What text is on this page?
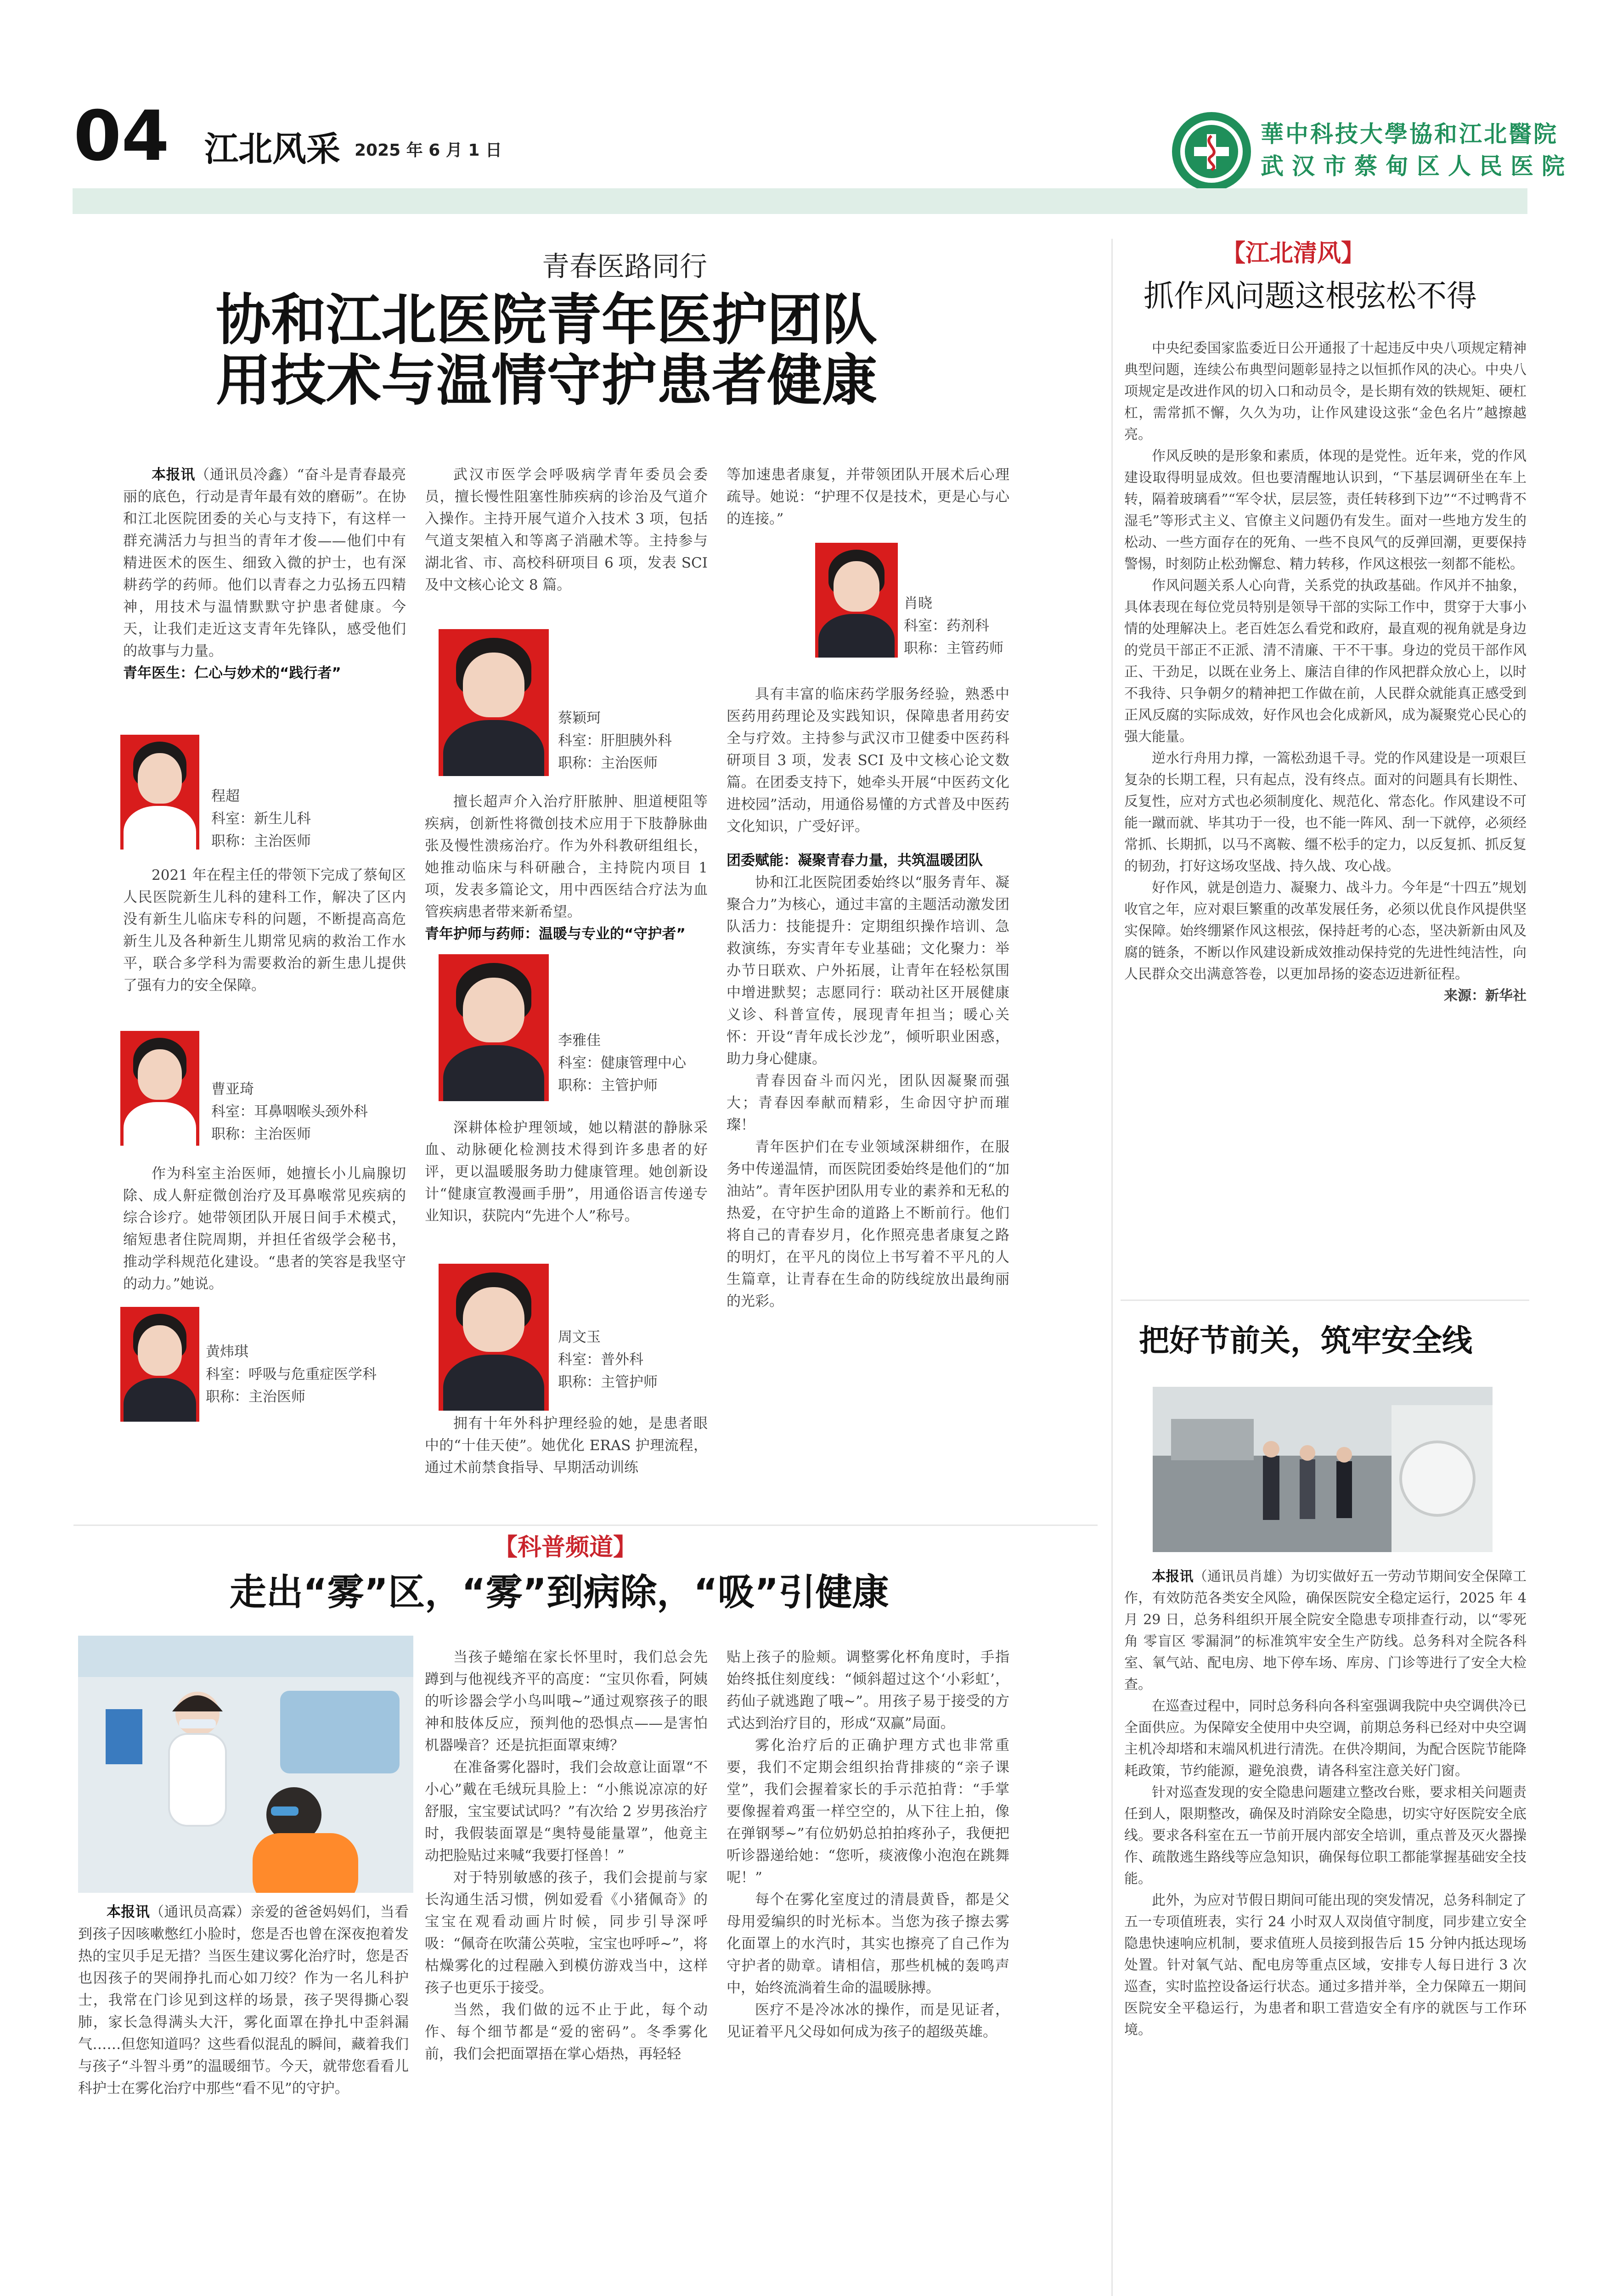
04 江北风采 2025 年 6 月 1 日
華中科技大學協和江北醫院
武汉市蔡甸区人民医院
青春医路同行
协和江北医院青年医护团队
用技术与温情守护患者健康

本报讯（通讯员冷鑫）“奋斗是青春最亮丽的底色，行动是青年最有效的磨砺”。在协和江北医院团委的关心与支持下，有这样一群充满活力与担当的青年才俊——他们中有精进医术的医生、细致入微的护士，也有深耕药学的药师。他们以青春之力弘扬五四精神，用技术与温情默默守护患者健康。今天，让我们走近这支青年先锋队，感受他们的故事与力量。

青年医生：仁心与妙术的“践行者”

程超
科室：新生儿科
职称：主治医师

2021 年在程主任的带领下完成了蔡甸区人民医院新生儿科的建科工作，解决了区内没有新生儿临床专科的问题，不断提高高危新生儿及各种新生儿期常见病的救治工作水平，联合多学科为需要救治的新生患儿提供了强有力的安全保障。

曹亚琦
科室：耳鼻咽喉头颈外科
职称：主治医师

作为科室主治医师，她擅长小儿扁腺切除、成人鼾症微创治疗及耳鼻喉常见疾病的综合诊疗。她带领团队开展日间手术模式，缩短患者住院周期，并担任省级学会秘书，推动学科规范化建设。“患者的笑容是我坚守的动力。”她说。

黄炜琪
科室：呼吸与危重症医学科
职称：主治医师

武汉市医学会呼吸病学青年委员会委员，擅长慢性阻塞性肺疾病的诊治及气道介入操作。主持开展气道介入技术 3 项，包括气道支架植入和等离子消融术等。主持参与湖北省、市、高校科研项目 6 项，发表 SCI 及中文核心论文 8 篇。

蔡颖珂
科室：肝胆胰外科
职称：主治医师

擅长超声介入治疗肝脓肿、胆道梗阻等疾病，创新性将微创技术应用于下肢静脉曲张及慢性溃疡治疗。作为外科教研组组长，她推动临床与科研融合，主持院内项目 1 项，发表多篇论文，用中西医结合疗法为血管疾病患者带来新希望。

青年护师与药师：温暖与专业的“守护者”

李雅佳
科室：健康管理中心
职称：主管护师

深耕体检护理领域，她以精湛的静脉采血、动脉硬化检测技术得到许多患者的好评，更以温暖服务助力健康管理。她创新设计“健康宣教漫画手册”，用通俗语言传递专业知识，获院内“先进个人”称号。

周文玉
科室：普外科
职称：主管护师

拥有十年外科护理经验的她，是患者眼中的“十佳天使”。她优化 ERAS 护理流程，通过术前禁食指导、早期活动训练

等加速患者康复，并带领团队开展术后心理疏导。她说：“护理不仅是技术，更是心与心的连接。”

肖晓
科室：药剂科
职称：主管药师

具有丰富的临床药学服务经验，熟悉中医药用药理论及实践知识，保障患者用药安全与疗效。主持参与武汉市卫健委中医药科研项目 3 项，发表 SCI 及中文核心论文数篇。在团委支持下，她牵头开展“中医药文化进校园”活动，用通俗易懂的方式普及中医药文化知识，广受好评。

团委赋能：凝聚青春力量，共筑温暖团队

协和江北医院团委始终以“服务青年、凝聚合力”为核心，通过丰富的主题活动激发团队活力：技能提升：定期组织操作培训、急救演练，夯实青年专业基础；文化聚力：举办节日联欢、户外拓展，让青年在轻松氛围中增进默契；志愿同行：联动社区开展健康义诊、科普宣传，展现青年担当；暖心关怀：开设“青年成长沙龙”，倾听职业困惑，助力身心健康。

青春因奋斗而闪光，团队因凝聚而强大；青春因奉献而精彩，生命因守护而璀璨！

青年医护们在专业领域深耕细作，在服务中传递温情，而医院团委始终是他们的“加油站”。青年医护团队用专业的素养和无私的热爱，在守护生命的道路上不断前行。他们将自己的青春岁月，化作照亮患者康复之路的明灯，在平凡的岗位上书写着不平凡的人生篇章，让青春在生命的防线绽放出最绚丽的光彩。

【江北清风】
抓作风问题这根弦松不得

中央纪委国家监委近日公开通报了十起违反中央八项规定精神典型问题，连续公布典型问题彰显持之以恒抓作风的决心。中央八项规定是改进作风的切入口和动员令，是长期有效的铁规矩、硬杠杠，需常抓不懈，久久为功，让作风建设这张“金色名片”越擦越亮。

作风反映的是形象和素质，体现的是党性。近年来，党的作风建设取得明显成效。但也要清醒地认识到，“下基层调研坐在车上转，隔着玻璃看”“军令状，层层签，责任转移到下边”“不过鸭背不湿毛”等形式主义、官僚主义问题仍有发生。面对一些地方发生的松动、一些方面存在的死角、一些不良风气的反弹回潮，更要保持警惕，时刻防止松劲懈怠、精力转移，作风这根弦一刻都不能松。

作风问题关系人心向背，关系党的执政基础。作风并不抽象，具体表现在每位党员特别是领导干部的实际工作中，贯穿于大事小情的处理解决上。老百姓怎么看党和政府，最直观的视角就是身边的党员干部正不正派、清不清廉、干不干事。身边的党员干部作风正、干劲足，以既在业务上、廉洁自律的作风把群众放心上，以时不我待、只争朝夕的精神把工作做在前，人民群众就能真正感受到正风反腐的实际成效，好作风也会化成新风，成为凝聚党心民心的强大能量。

逆水行舟用力撑，一篙松劲退千寻。党的作风建设是一项艰巨复杂的长期工程，只有起点，没有终点。面对的问题具有长期性、反复性，应对方式也必须制度化、规范化、常态化。作风建设不可能一蹴而就、毕其功于一役，也不能一阵风、刮一下就停，必须经常抓、长期抓，以马不离鞍、缰不松手的定力，以反复抓、抓反复的韧劲，打好这场攻坚战、持久战、攻心战。

好作风，就是创造力、凝聚力、战斗力。今年是“十四五”规划收官之年，应对艰巨繁重的改革发展任务，必须以优良作风提供坚实保障。始终绷紧作风这根弦，保持赶考的心态，坚决新新由风及腐的链条，不断以作风建设新成效推动保持党的先进性纯洁性，向人民群众交出满意答卷，以更加昂扬的姿态迈进新征程。

来源：新华社

把好节前关，筑牢安全线

本报讯（通讯员肖雄）为切实做好五一劳动节期间安全保障工作，有效防范各类安全风险，确保医院安全稳定运行，2025 年 4 月 29 日，总务科组织开展全院安全隐患专项排查行动，以“零死角 零盲区 零漏洞”的标准筑牢安全生产防线。总务科对全院各科室、氧气站、配电房、地下停车场、库房、门诊等进行了安全大检查。

在巡查过程中，同时总务科向各科室强调我院中央空调供冷已全面供应。为保障安全使用中央空调，前期总务科已经对中央空调主机冷却塔和末端风机进行清洗。在供冷期间，为配合医院节能降耗政策，节约能源，避免浪费，请各科室注意关好门窗。

针对巡查发现的安全隐患问题建立整改台账，要求相关问题责任到人，限期整改，确保及时消除安全隐患，切实守好医院安全底线。要求各科室在五一节前开展内部安全培训，重点普及灭火器操作、疏散逃生路线等应急知识，确保每位职工都能掌握基础安全技能。

此外，为应对节假日期间可能出现的突发情况，总务科制定了五一专项值班表，实行 24 小时双人双岗值守制度，同步建立安全隐患快速响应机制，要求值班人员接到报告后 15 分钟内抵达现场处置。针对氧气站、配电房等重点区域，安排专人每日进行 3 次巡查，实时监控设备运行状态。通过多措并举，全力保障五一期间医院安全平稳运行，为患者和职工营造安全有序的就医与工作环境。

【科普频道】
走出“雾”区，“雾”到病除，“吸”引健康

本报讯（通讯员高霖）亲爱的爸爸妈妈们，当看到孩子因咳嗽憋红小脸时，您是否也曾在深夜抱着发热的宝贝手足无措？当医生建议雾化治疗时，您是否也因孩子的哭闹挣扎而心如刀绞？作为一名儿科护士，我常在门诊见到这样的场景，孩子哭得撕心裂肺，家长急得满头大汗，雾化面罩在挣扎中歪斜漏气……但您知道吗？这些看似混乱的瞬间，藏着我们与孩子“斗智斗勇”的温暖细节。今天，就带您看看儿科护士在雾化治疗中那些“看不见”的守护。

当孩子蜷缩在家长怀里时，我们总会先蹲到与他视线齐平的高度：“宝贝你看，阿姨的听诊器会学小鸟叫哦~”通过观察孩子的眼神和肢体反应，预判他的恐惧点——是害怕机器噪音？还是抗拒面罩束缚？

在准备雾化器时，我们会故意让面罩“不小心”戴在毛绒玩具脸上：“小熊说凉凉的好舒服，宝宝要试试吗？”有次给 2 岁男孩治疗时，我假装面罩是“奥特曼能量罩”，他竟主动把脸贴过来喊“我要打怪兽！”

对于特别敏感的孩子，我们会提前与家长沟通生活习惯，例如爱看《小猪佩奇》的宝宝在观看动画片时候，同步引导深呼吸：“佩奇在吹蒲公英啦，宝宝也呼呼~”，将枯燥雾化的过程融入到模仿游戏当中，这样孩子也更乐于接受。

当然，我们做的远不止于此，每个动作、每个细节都是“爱的密码”。冬季雾化前，我们会把面罩捂在掌心焐热，再轻轻

贴上孩子的脸颊。调整雾化杯角度时，手指始终抵住刻度线：“倾斜超过这个‘小彩虹’，药仙子就逃跑了哦~”。用孩子易于接受的方式达到治疗目的，形成“双赢”局面。

雾化治疗后的正确护理方式也非常重要，我们不定期会组织抬背排痰的“亲子课堂”，我们会握着家长的手示范拍背：“手掌要像握着鸡蛋一样空空的，从下往上拍，像在弹钢琴~”有位奶奶总拍拍疼孙子，我便把听诊器递给她：“您听，痰液像小泡泡在跳舞呢！”

每个在雾化室度过的清晨黄昏，都是父母用爱编织的时光标本。当您为孩子擦去雾化面罩上的水汽时，其实也擦亮了自己作为守护者的勋章。请相信，那些机械的轰鸣声中，始终流淌着生命的温暖脉搏。

医疗不是冷冰冰的操作，而是见证者，见证着平凡父母如何成为孩子的超级英雄。
